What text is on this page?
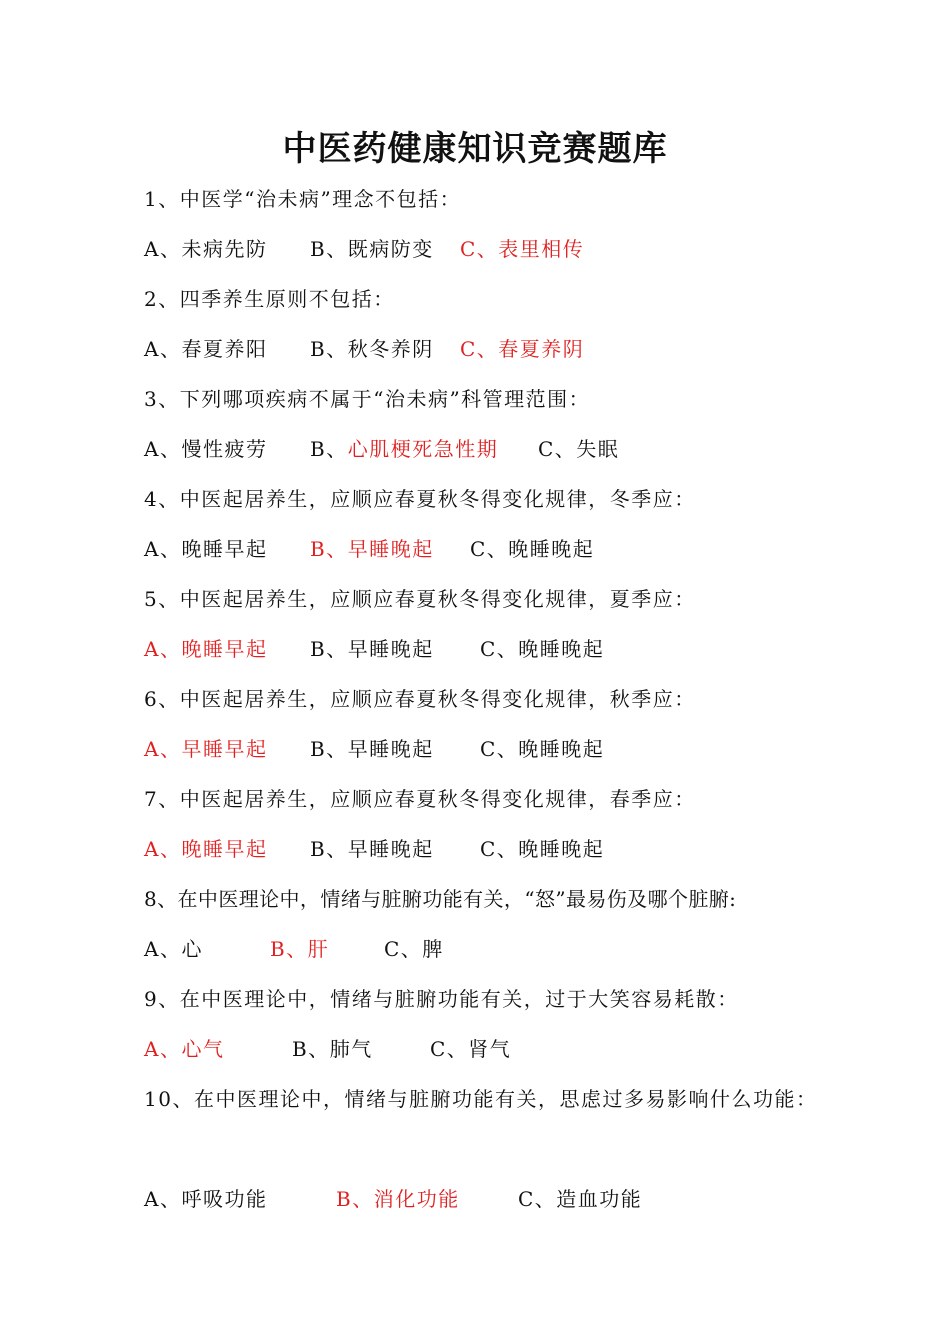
中医药健康知识竞赛题库
1、中医学“治未病”理念不包括：
A、未病先防 B、既病防变 C、表里相传
2、四季养生原则不包括：
A、春夏养阳 B、秋冬养阴 C、春夏养阴
3、下列哪项疾病不属于“治未病”科管理范围：
A、慢性疲劳 B、心肌梗死急性期 C、失眠
4、中医起居养生，应顺应春夏秋冬得变化规律，冬季应：
A、晚睡早起 B、早睡晚起 C、晚睡晚起
5、中医起居养生，应顺应春夏秋冬得变化规律，夏季应：
A、晚睡早起 B、早睡晚起 C、晚睡晚起
6、中医起居养生，应顺应春夏秋冬得变化规律，秋季应：
A、早睡早起 B、早睡晚起 C、晚睡晚起
7、中医起居养生，应顺应春夏秋冬得变化规律，春季应：
A、晚睡早起 B、早睡晚起 C、晚睡晚起
8、在中医理论中，情绪与脏腑功能有关，“怒”最易伤及哪个脏腑:
A、心	B、肝	C、脾
9、在中医理论中，情绪与脏腑功能有关，过于大笑容易耗散：
A、心气	B、肺气	C、肾气
10、在中医理论中，情绪与脏腑功能有关，思虑过多易影响什么功能：
A、呼吸功能	B、消化功能	C、造血功能
